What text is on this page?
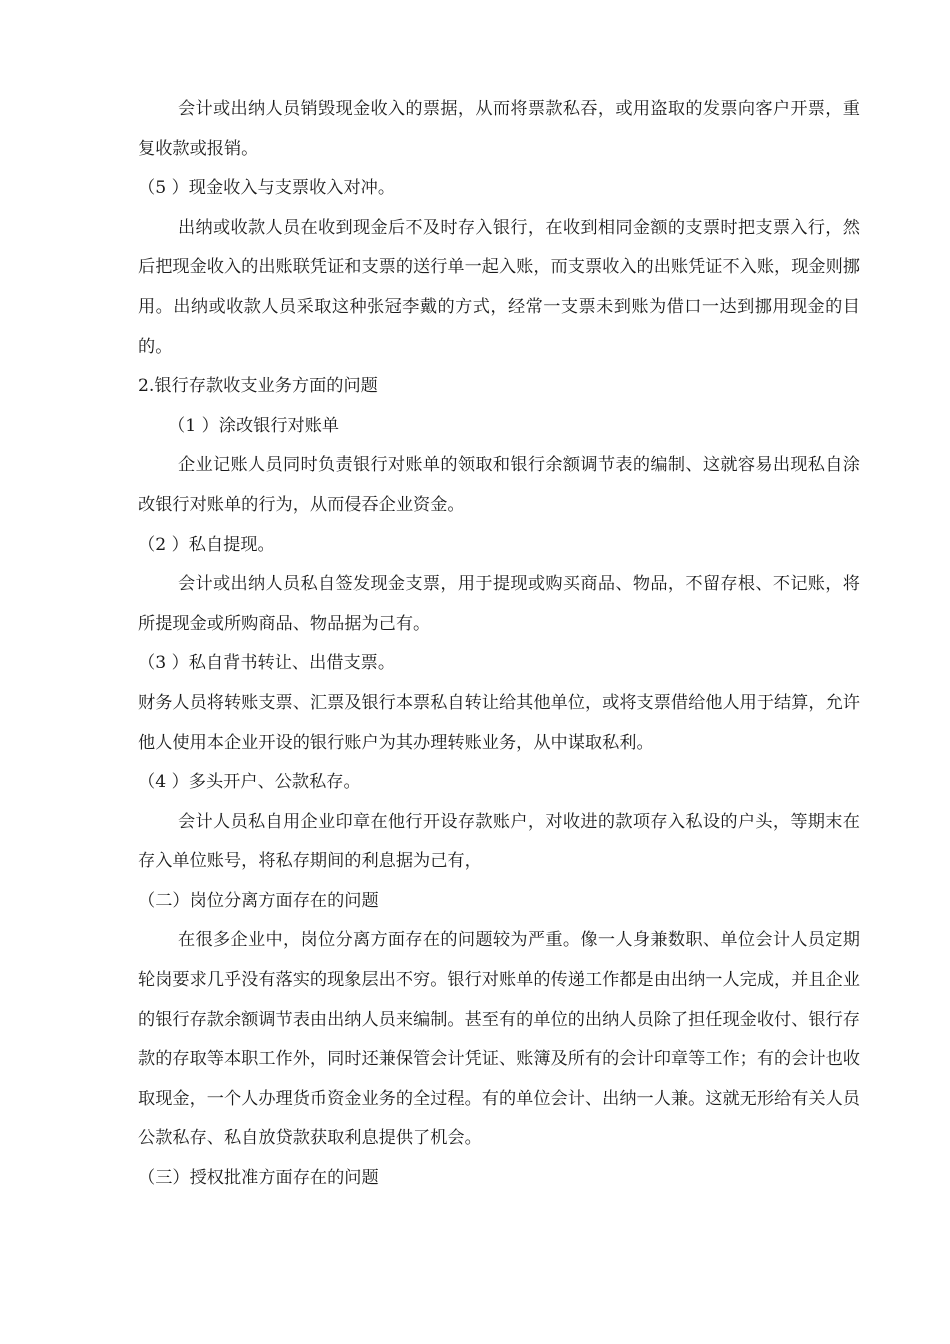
会计或出纳人员销毁现金收入的票据，从而将票款私吞，或用盗取的发票向客户开票，重复收款或报销。

（5 ）现金收入与支票收入对冲。

出纳或收款人员在收到现金后不及时存入银行，在收到相同金额的支票时把支票入行，然后把现金收入的出账联凭证和支票的送行单一起入账，而支票收入的出账凭证不入账，现金则挪用。出纳或收款人员采取这种张冠李戴的方式，经常一支票未到账为借口一达到挪用现金的目的。

2.银行存款收支业务方面的问题

（1 ）涂改银行对账单

企业记账人员同时负责银行对账单的领取和银行余额调节表的编制、这就容易出现私自涂改银行对账单的行为，从而侵吞企业资金。

（2 ）私自提现。

会计或出纳人员私自签发现金支票，用于提现或购买商品、物品，不留存根、不记账，将所提现金或所购商品、物品据为己有。

（3 ）私自背书转让、出借支票。

财务人员将转账支票、汇票及银行本票私自转让给其他单位，或将支票借给他人用于结算，允许他人使用本企业开设的银行账户为其办理转账业务，从中谋取私利。

（4 ）多头开户、公款私存。

会计人员私自用企业印章在他行开设存款账户，对收进的款项存入私设的户头，等期末在存入单位账号，将私存期间的利息据为己有，

（二）岗位分离方面存在的问题

在很多企业中，岗位分离方面存在的问题较为严重。像一人身兼数职、单位会计人员定期轮岗要求几乎没有落实的现象层出不穷。银行对账单的传递工作都是由出纳一人完成，并且企业的银行存款余额调节表由出纳人员来编制。甚至有的单位的出纳人员除了担任现金收付、银行存款的存取等本职工作外，同时还兼保管会计凭证、账簿及所有的会计印章等工作；有的会计也收取现金，一个人办理货币资金业务的全过程。有的单位会计、出纳一人兼。这就无形给有关人员公款私存、私自放贷款获取利息提供了机会。

（三）授权批准方面存在的问题
